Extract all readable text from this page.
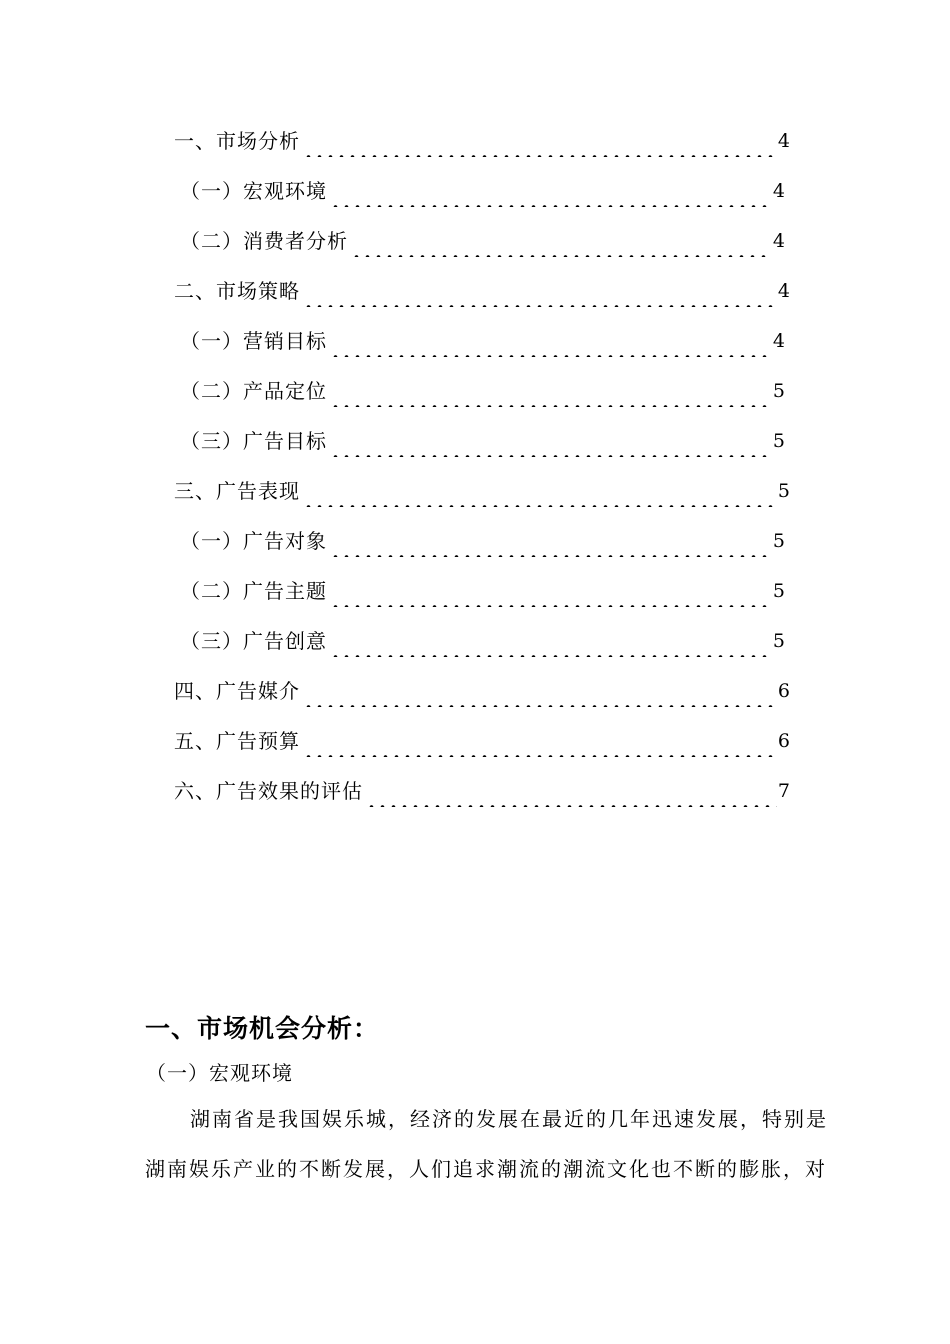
一、市场分析	4
（一）宏观环境	4
（二）消费者分析	4
二、市场策略	4
（一）营销目标	4
（二）产品定位	5
（三）广告目标	5
三、广告表现	5
（一）广告对象	5
（二）广告主题	5
（三）广告创意	5
四、广告媒介	6
五、广告预算	6
六、广告效果的评估	7
一、市场机会分析：
（一）宏观环境
湖南省是我国娱乐城，经济的发展在最近的几年迅速发展，特别是
湖南娱乐产业的不断发展，人们追求潮流的潮流文化也不断的膨胀，对
